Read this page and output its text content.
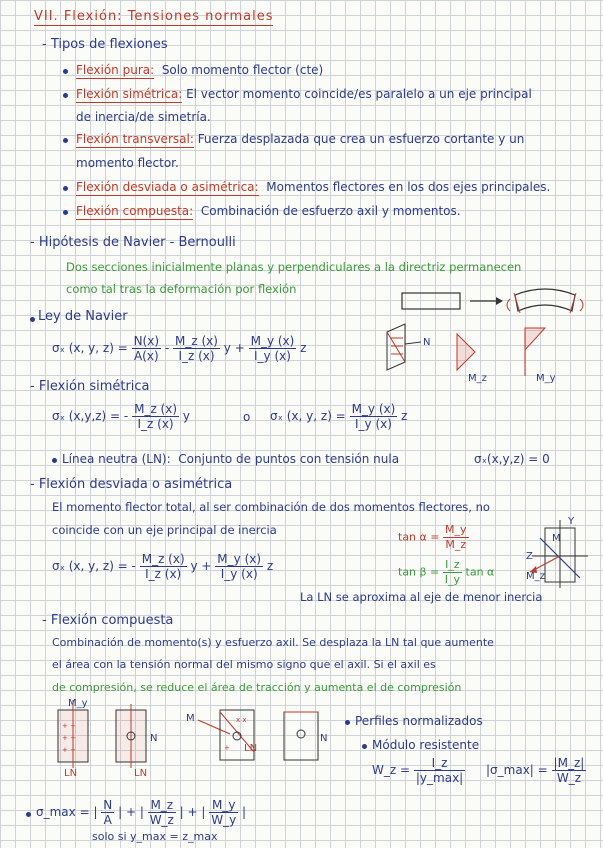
VII. Flexión: Tensiones normales
- Tipos de flexiones
Flexión pura: Solo momento flector (cte)
Flexión simétrica: El vector momento coincide/es paralelo a un eje principal
de inercia/de simetría.
Flexión transversal: Fuerza desplazada que crea un esfuerzo cortante y un
momento flector.
Flexión desviada o asimétrica: Momentos flectores en los dos ejes principales.
Flexión compuesta: Combinación de esfuerzo axil y momentos.
- Hipótesis de Navier - Bernoulli
Dos secciones inicialmente planas y perpendiculares a la directriz permanecen
como tal tras la deformación por flexión
Ley de Navier
σₓ (x, y, $z) = \frac{N(x)}{A(x)} - \frac{M\_z (x)}{I\_z (x)}$ $y + \frac{M\_y (x)}{I\_y (x)}$ z	N
M_z	M_y
- Flexión simétrica
σₓ (x,y,z) = - $\frac{M\_z (x)}{I\_z (x)}$ y	o σₓ (x, y, $z) = \frac{M\_y (x)}{I\_y (x)}$ z
Línea neutra (LN): Conjunto de puntos con tensión nula	σₓ(x,y,z) = 0
- Flexión desviada o asimétrica
El momento flector total, al ser combinación de dos momentos flectores, no
coincide con un eje principal de inercia	$\tan \alpha = \frac{M\_y}{M\_z}$
$\tan \beta = \frac{I\_z}{I\_y}$ tan α
σₓ (x, y, z) = - $\frac{M\_z (x)}{I\_z (x)}$ $y + \frac{M\_y (x)}{I\_y (x)}$ z
Y
Z
M_z
M
La LN se aproxima al eje de menor inercia
- Flexión compuesta
Combinación de momento(s) y esfuerzo axil. Se desplaza la LN tal que aumente
el área con la tensión normal del mismo signo que el axil. Si el axil es
de compresión, se reduce el área de tracción y aumenta el de compresión
+ +
+ +
+ +
x x
+
M_y
N
LN	LN
M
LN
N
Perfiles normalizados
Módulo resistente
W_z = $\frac{I\_z}{|y\_\max|}$ |σ_max| = $\frac{|M\_z|}{W\_z}$
σ_max = | $\frac{N}{A}$ | + | $\frac{M\_z}{W\_z}$ | + | $\frac{M\_y}{W\_y}$ |
solo si y_max = z_max
